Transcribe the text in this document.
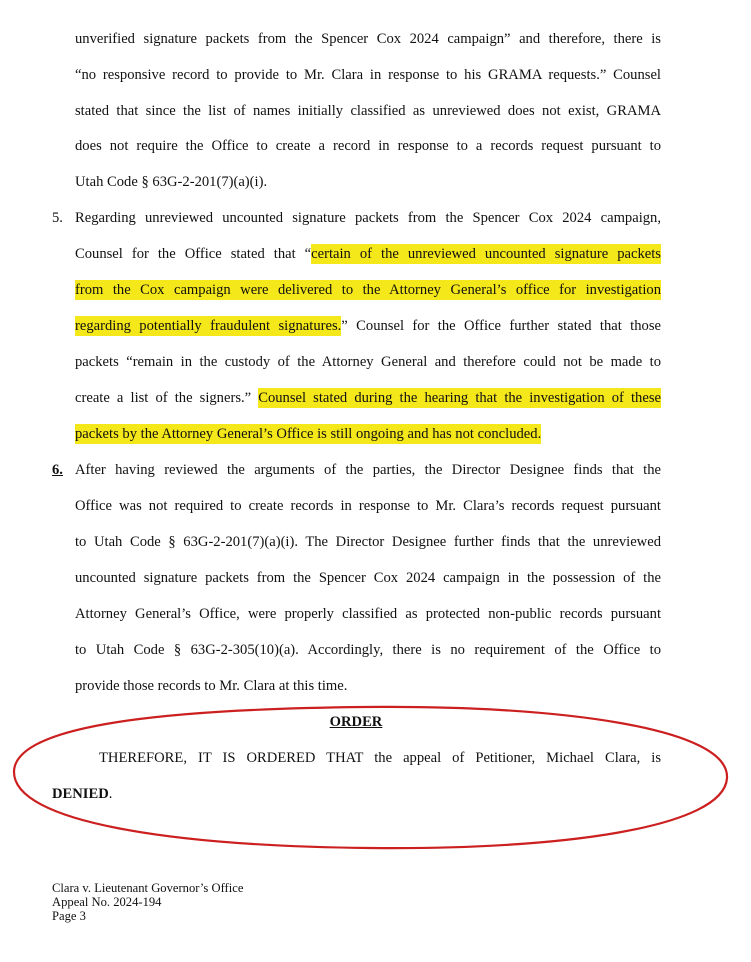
unverified signature packets from the Spencer Cox 2024 campaign” and therefore, there is
“no responsive record to provide to Mr. Clara in response to his GRAMA requests.” Counsel
stated that since the list of names initially classified as unreviewed does not exist, GRAMA
does not require the Office to create a record in response to a records request pursuant to
Utah Code § 63G-2-201(7)(a)(i).
5. Regarding unreviewed uncounted signature packets from the Spencer Cox 2024 campaign,
Counsel for the Office stated that “certain of the unreviewed uncounted signature packets
from the Cox campaign were delivered to the Attorney General’s office for investigation
regarding potentially fraudulent signatures.” Counsel for the Office further stated that those
packets “remain in the custody of the Attorney General and therefore could not be made to
create a list of the signers.” Counsel stated during the hearing that the investigation of these
packets by the Attorney General’s Office is still ongoing and has not concluded.
6. After having reviewed the arguments of the parties, the Director Designee finds that the
Office was not required to create records in response to Mr. Clara’s records request pursuant
to Utah Code § 63G-2-201(7)(a)(i). The Director Designee further finds that the unreviewed
uncounted signature packets from the Spencer Cox 2024 campaign in the possession of the
Attorney General’s Office, were properly classified as protected non-public records pursuant
to Utah Code § 63G-2-305(10)(a). Accordingly, there is no requirement of the Office to
provide those records to Mr. Clara at this time.
ORDER
THEREFORE, IT IS ORDERED THAT the appeal of Petitioner, Michael Clara, is
DENIED.
Clara v. Lieutenant Governor’s Office
Appeal No. 2024-194
Page 3
